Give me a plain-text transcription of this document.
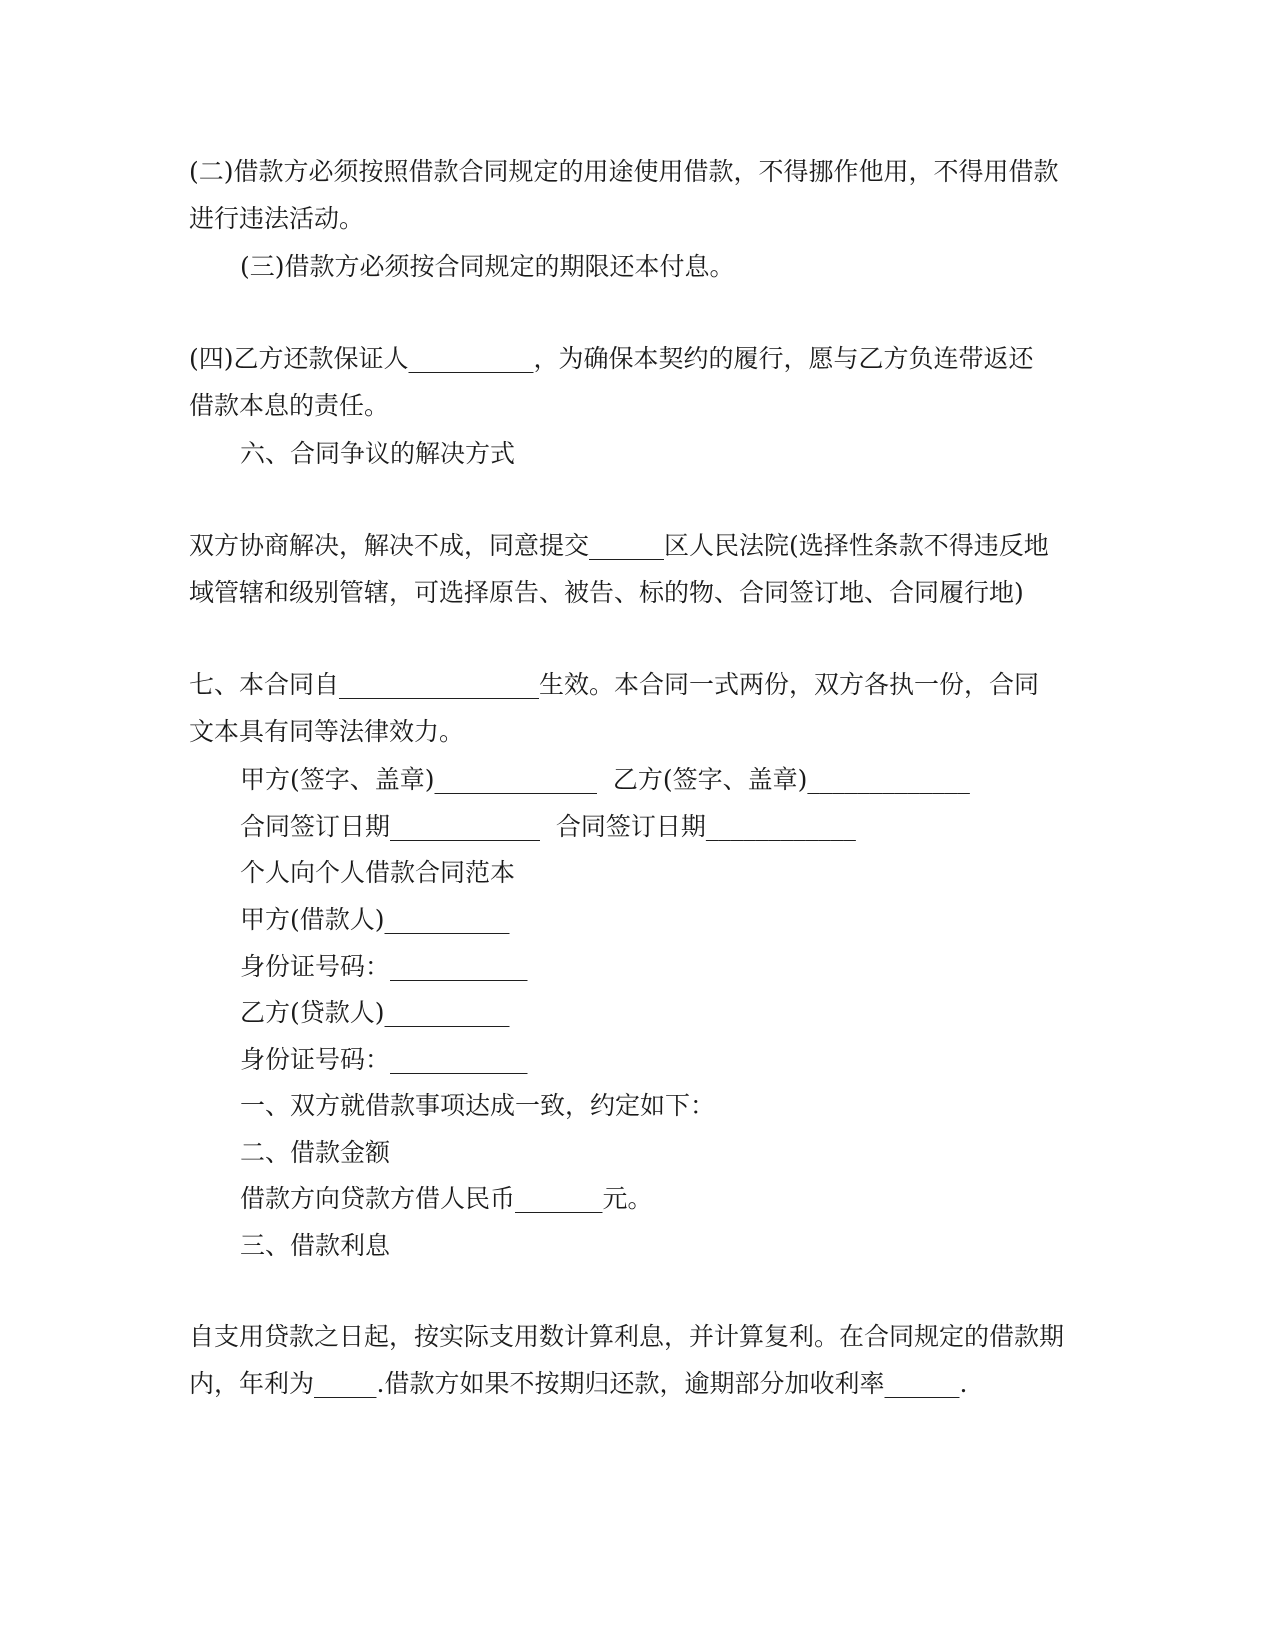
(二)借款方必须按照借款合同规定的用途使用借款，不得挪作他用，不得用借款

进行违法活动。

(三)借款方必须按合同规定的期限还本付息。

(四)乙方还款保证人__________，为确保本契约的履行，愿与乙方负连带返还

借款本息的责任。

六、合同争议的解决方式

双方协商解决，解决不成，同意提交______区人民法院(选择性条款不得违反地

域管辖和级别管辖，可选择原告、被告、标的物、合同签订地、合同履行地)

七、本合同自________________生效。本合同一式两份，双方各执一份，合同

文本具有同等法律效力。

甲方(签字、盖章)_____________  乙方(签字、盖章)_____________

合同签订日期____________  合同签订日期____________

个人向个人借款合同范本

甲方(借款人)__________

身份证号码：___________

乙方(贷款人)__________

身份证号码：___________

一、双方就借款事项达成一致，约定如下：

二、借款金额

借款方向贷款方借人民币_______元。

三、借款利息

自支用贷款之日起，按实际支用数计算利息，并计算复利。在合同规定的借款期

内，年利为_____.借款方如果不按期归还款，逾期部分加收利率______.
